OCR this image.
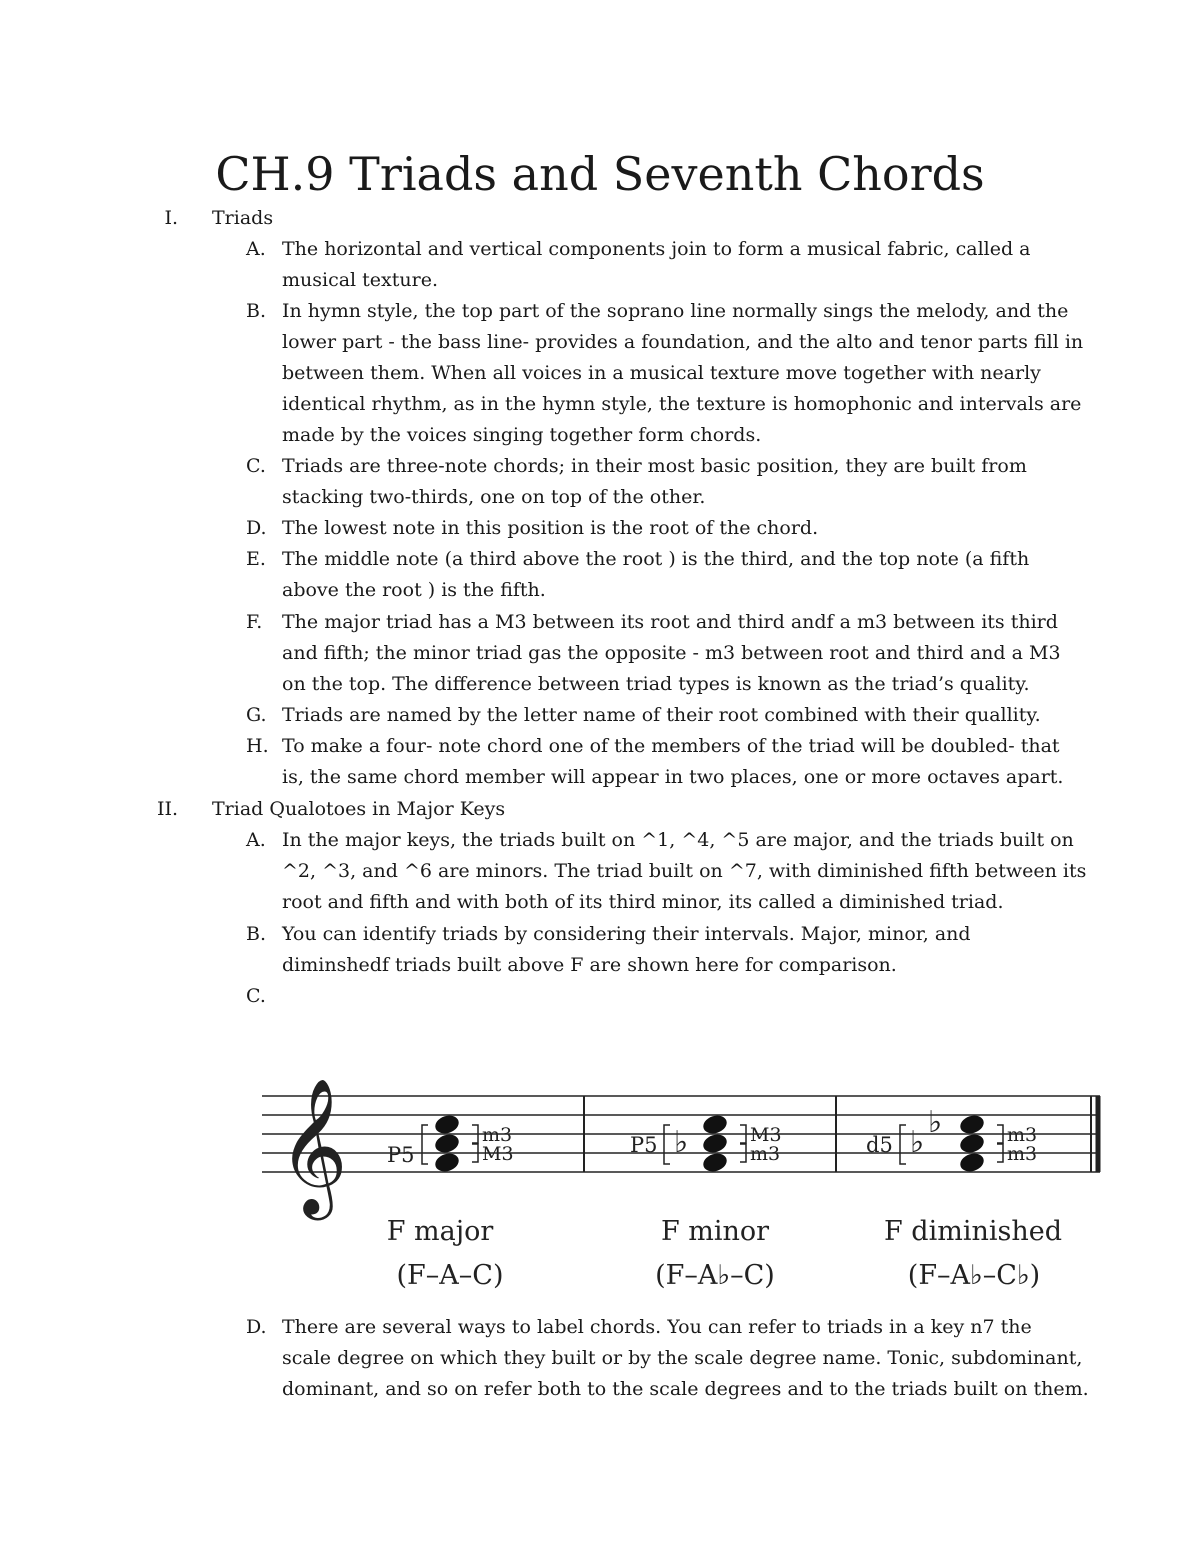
CH.9 Triads and Seventh Chords
I. Triads
A. The horizontal and vertical components join to form a musical fabric, called a
musical texture.
B. In hymn style, the top part of the soprano line normally sings the melody, and the
lower part - the bass line- provides a foundation, and the alto and tenor parts fill in
between them. When all voices in a musical texture move together with nearly
identical rhythm, as in the hymn style, the texture is homophonic and intervals are
made by the voices singing together form chords.
C. Triads are three-note chords; in their most basic position, they are built from
stacking two-thirds, one on top of the other.
D. The lowest note in this position is the root of the chord.
E. The middle note (a third above the root ) is the third, and the top note (a fifth
above the root ) is the fifth.
F.	The major triad has a M3 between its root and third andf a m3 between its third
and fifth; the minor triad gas the opposite - m3 between root and third and a M3
on the top. The difference between triad types is known as the triad’s quality.
G. Triads are named by the letter name of their root combined with their quallity.
H. To make a four- note chord one of the members of the triad will be doubled- that
is, the same chord member will appear in two places, one or more octaves apart.
II. Triad Qualotoes in Major Keys
A. In the major keys, the triads built on ^1, ^4, ^5 are major, and the triads built on
^2, ^3, and ^6 are minors. The triad built on ^7, with diminished fifth between its
root and fifth and with both of its third minor, its called a diminished triad.
B. You can identify triads by considering their intervals. Major, minor, and
diminshedf triads built above F are shown here for comparison.
C.
𝄞 P5
m3
M3	P5 ♭	M3
m3	d5 ♭
♭	m3
m3
F major
(F–A–C)
F minor
(F–A♭–C)
F diminished
(F–A♭–C♭)
D. There are several ways to label chords. You can refer to triads in a key n7 the
scale degree on which they built or by the scale degree name. Tonic, subdominant,
dominant, and so on refer both to the scale degrees and to the triads built on them.
